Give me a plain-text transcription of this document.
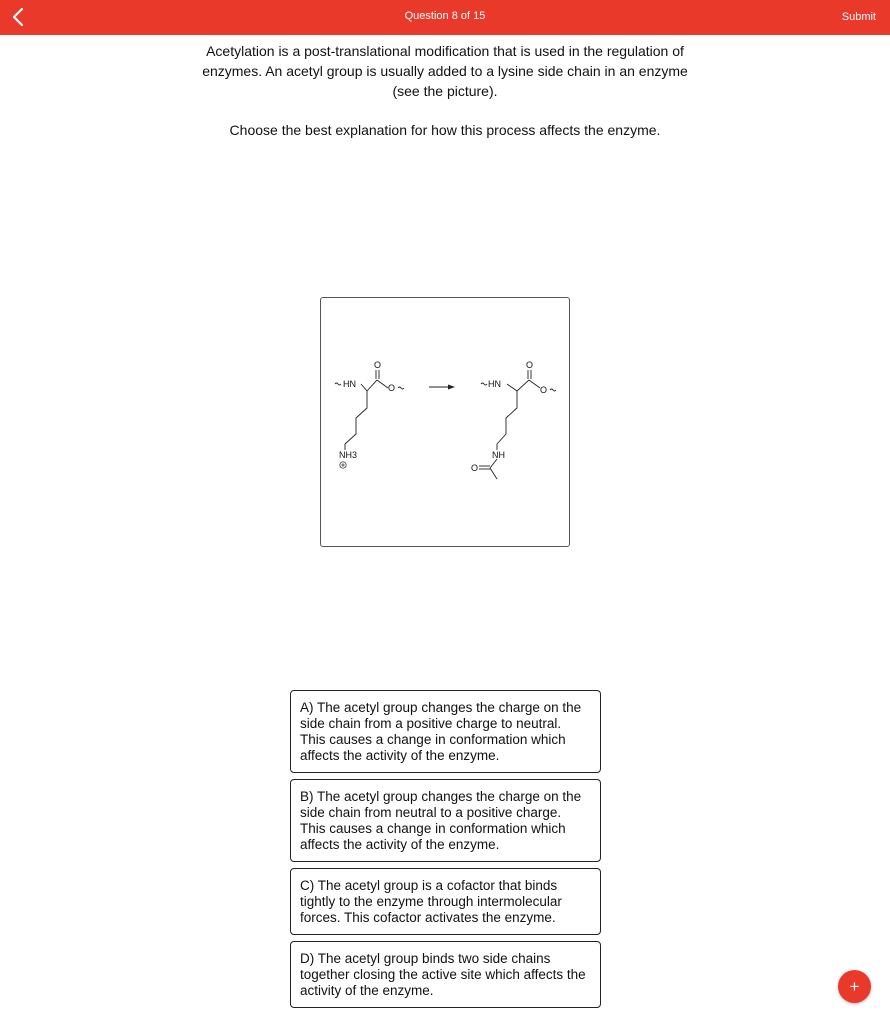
Question 8 of 15	Submit
Acetylation is a post-translational modification that is used in the regulation of enzymes. An acetyl group is usually added to a lysine side chain in an enzyme (see the picture).
Choose the best explanation for how this process affects the enzyme.
O
HN	O
NH3
O
HN
O
NH
O
A) The acetyl group changes the charge on the side chain from a positive charge to neutral. This causes a change in conformation which affects the activity of the enzyme.
B) The acetyl group changes the charge on the side chain from neutral to a positive charge. This causes a change in conformation which affects the activity of the enzyme.
C) The acetyl group is a cofactor that binds tightly to the enzyme through intermolecular forces. This cofactor activates the enzyme.
D) The acetyl group binds two side chains together closing the active site which affects the activity of the enzyme.	+
